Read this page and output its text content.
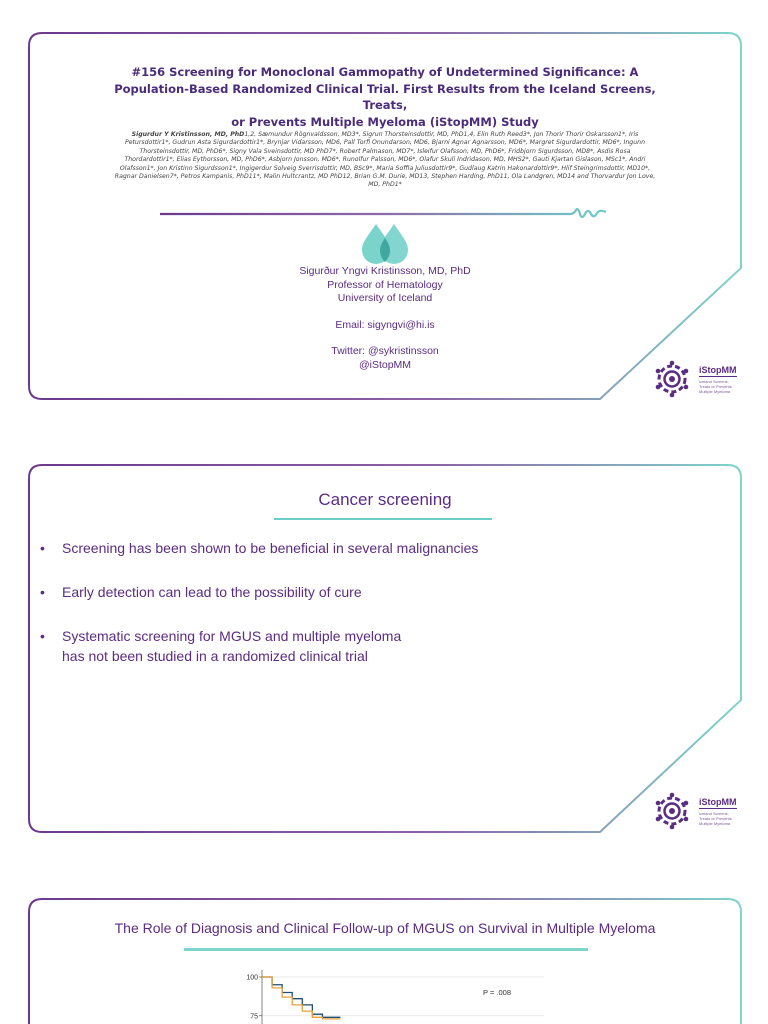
#156 Screening for Monoclonal Gammopathy of Undetermined Significance: A
Population-Based Randomized Clinical Trial. First Results from the Iceland Screens, Treats,
or Prevents Multiple Myeloma (iStopMM) Study
Sigurdur Y Kristinsson, MD, PhD1,2, Sæmundur Rögnvaldsson, MD3*, Sigrun Thorsteinsdottir, MD, PhD1,4, Elin Ruth Reed3*, Jon Thorir Thorir Oskarsson1*, Iris Petursdottir1*, Gudrun Asta Sigurdardottir1*, Brynjar Vidarsson, MD6, Pall Torfi Onundarson, MD6, Bjarni Agnar Agnarsson, MD6*, Margret Sigurdardottir, MD6*, Ingunn Thorsteinsdottir, MD, PhD6*, Signy Vala Sveinsdottir, MD PhD7*, Robert Palmason, MD7*, Isleifur Olafsson, MD, PhD6*, Fridbjorn Sigurdsson, MD8*, Asdis Rosa Thordardottir1*, Elias Eythorsson, MD, PhD6*, Asbjorn Jonsson, MD6*, Runolfur Palsson, MD6*, Olafur Skuli Indridason, MD, MHS2*, Gauti Kjartan Gislason, MSc1*, Andri Olafsson1*, Jon Kristinn Sigurdsson1*, Ingigerdur Solveig Sverrisdottir, MD, BSc9*, Maria Soffia Juliusdottir9*, Gudlaug Katrin Hakonardottir9*, Hlif Steingrimsdottir, MD10*, Ragnar Danielsen7*, Petros Kampanis, PhD11*, Malin Hultcrantz, MD PhD12, Brian G.M. Durie, MD13, Stephen Harding, PhD11, Ola Landgren, MD14 and Thorvardur Jon Love, MD, PhD1*
Sigurður Yngvi Kristinsson, MD, PhD
Professor of Hematology
University of Iceland
Email: sigyngvi@hi.is
Twitter: @sykristinsson
@iStopMM	iStopMM
Iceland Screens,
Treats or Prevents
Multiple Myeloma
Cancer screening
• Screening has been shown to be beneficial in several malignancies
• Early detection can lead to the possibility of cure
• Systematic screening for MGUS and multiple myeloma
has not been studied in a randomized clinical trial
iStopMM
Iceland Screens,
Treats or Prevents
Multiple Myeloma
The Role of Diagnosis and Clinical Follow-up of MGUS on Survival in Multiple Myeloma
100
75
P = .008
